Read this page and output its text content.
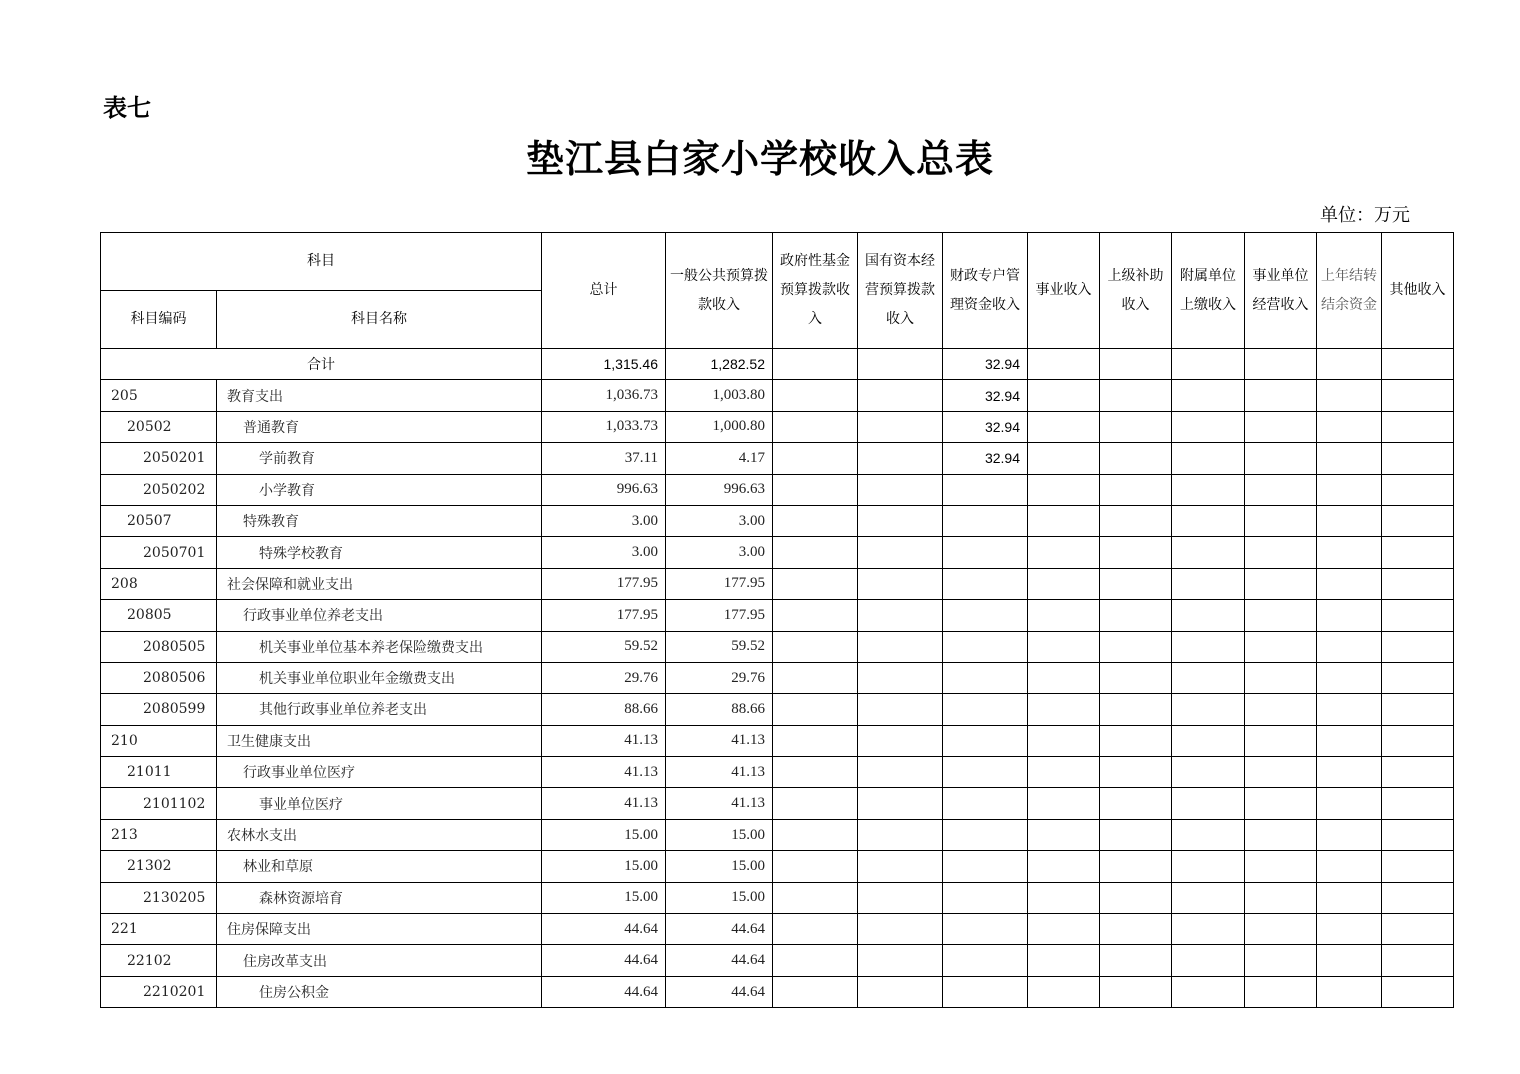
表七
垫江县白家小学校收入总表
单位：万元
科目		总计	一般公共预算拨款收入	政府性基金预算拨款收入	国有资本经营预算拨款收入	财政专户管理资金收入	事业收入	上级补助收入	附属单位上缴收入	事业单位经营收入	上年结转结余资金	其他收入
科目编码	科目名称											
合计		1,315.46	1,282.52			32.94						
205	教育支出	1,036.73	1,003.80			32.94						
20502	普通教育	1,033.73	1,000.80			32.94						
2050201	学前教育	37.11	4.17			32.94						
2050202	小学教育	996.63	996.63									
20507	特殊教育	3.00	3.00									
2050701	特殊学校教育	3.00	3.00									
208	社会保障和就业支出	177.95	177.95									
20805	行政事业单位养老支出	177.95	177.95									
2080505	机关事业单位基本养老保险缴费支出	59.52	59.52									
2080506	机关事业单位职业年金缴费支出	29.76	29.76									
2080599	其他行政事业单位养老支出	88.66	88.66									
210	卫生健康支出	41.13	41.13									
21011	行政事业单位医疗	41.13	41.13									
2101102	事业单位医疗	41.13	41.13									
213	农林水支出	15.00	15.00									
21302	林业和草原	15.00	15.00									
2130205	森林资源培育	15.00	15.00									
221	住房保障支出	44.64	44.64									
22102	住房改革支出	44.64	44.64									
2210201	住房公积金	44.64	44.64									
